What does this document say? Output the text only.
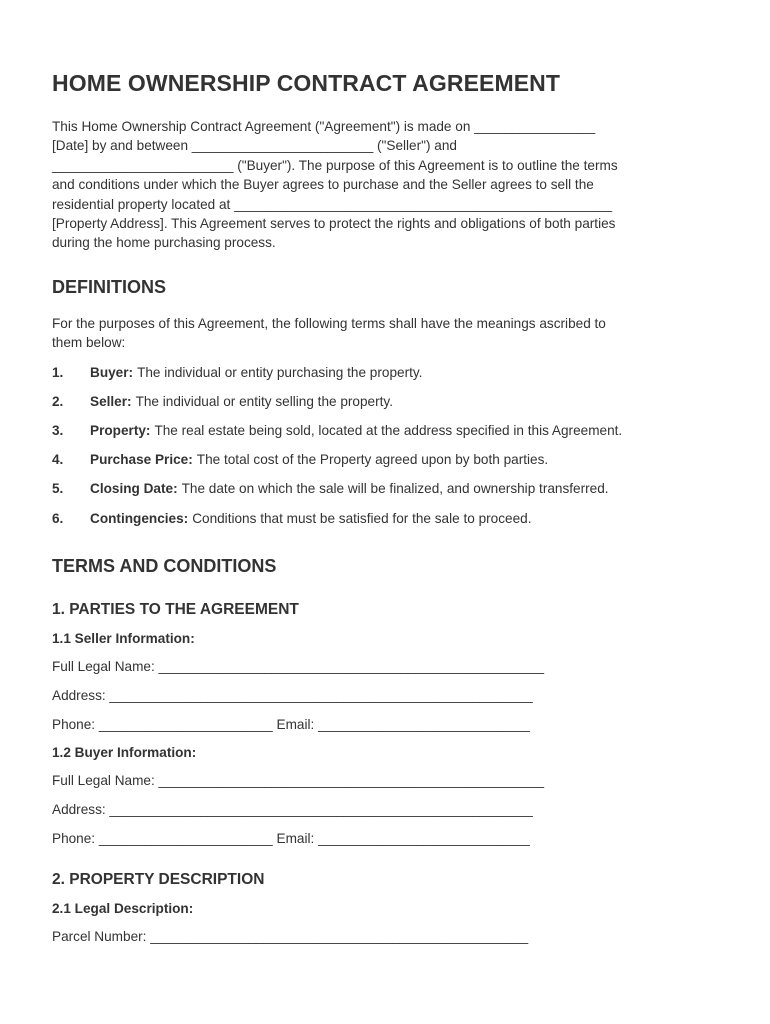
HOME OWNERSHIP CONTRACT AGREEMENT

This Home Ownership Contract Agreement ("Agreement") is made on ________________
[Date] by and between ________________________ ("Seller") and
________________________ ("Buyer"). The purpose of this Agreement is to outline the terms
and conditions under which the Buyer agrees to purchase and the Seller agrees to sell the
residential property located at __________________________________________________
[Property Address]. This Agreement serves to protect the rights and obligations of both parties
during the home purchasing process.

DEFINITIONS

For the purposes of this Agreement, the following terms shall have the meanings ascribed to
them below:

1.	Buyer: The individual or entity purchasing the property.
2.	Seller: The individual or entity selling the property.
3.	Property: The real estate being sold, located at the address specified in this Agreement.
4.	Purchase Price: The total cost of the Property agreed upon by both parties.
5.	Closing Date: The date on which the sale will be finalized, and ownership transferred.
6.	Contingencies: Conditions that must be satisfied for the sale to proceed.
TERMS AND CONDITIONS
1. PARTIES TO THE AGREEMENT
1.1 Seller Information:
Full Legal Name: ___________________________________________________
Address: ________________________________________________________
Phone: _______________________ Email: ____________________________
1.2 Buyer Information:
Full Legal Name: ___________________________________________________
Address: ________________________________________________________
Phone: _______________________ Email: ____________________________
2. PROPERTY DESCRIPTION
2.1 Legal Description:
Parcel Number: __________________________________________________
